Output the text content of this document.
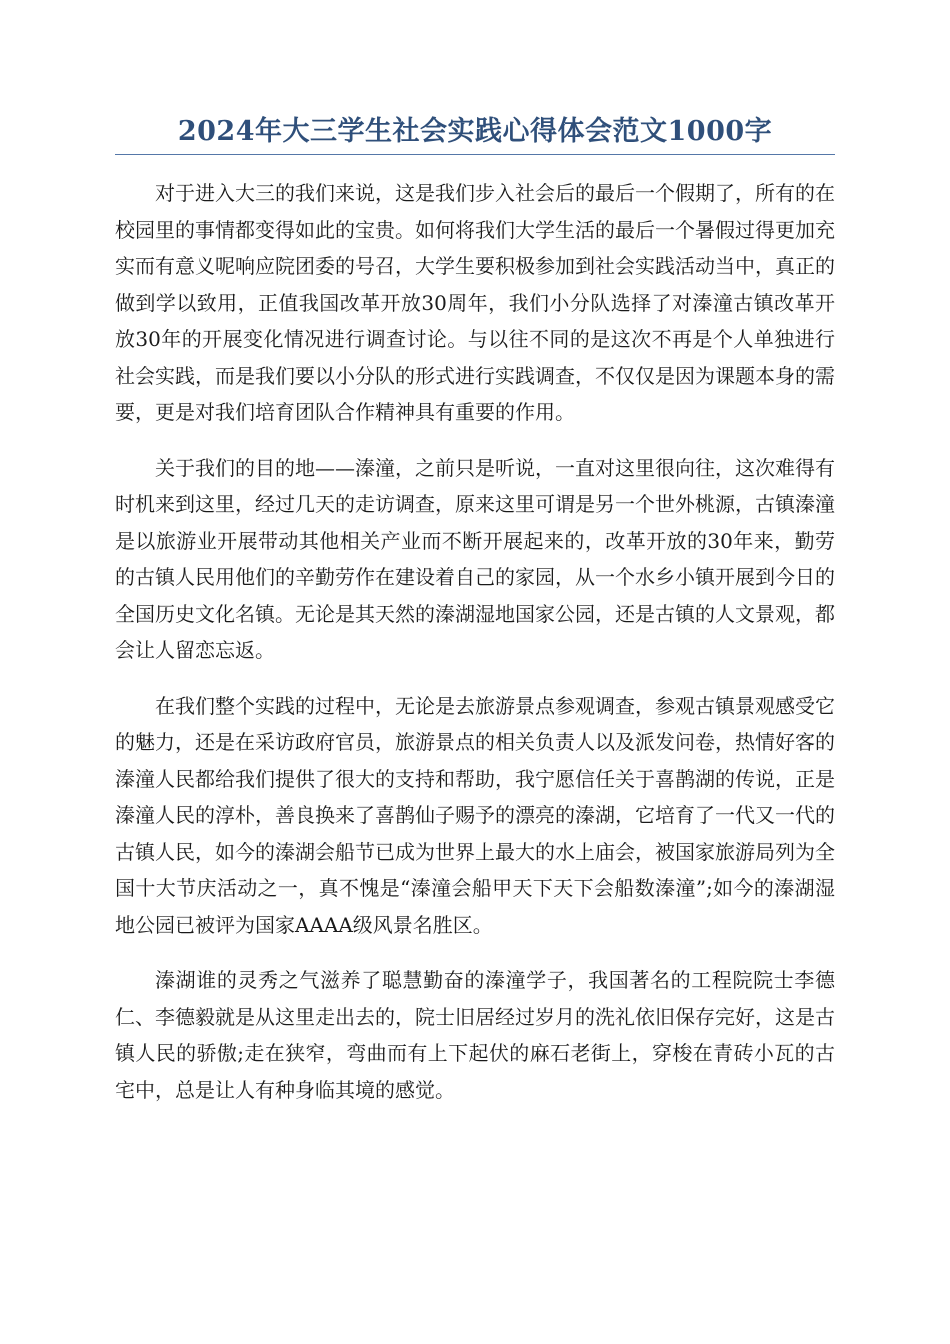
2024年大三学生社会实践心得体会范文1000字

对于进入大三的我们来说，这是我们步入社会后的最后一个假期了，所有的在校园里的事情都变得如此的宝贵。如何将我们大学生活的最后一个暑假过得更加充实而有意义呢响应院团委的号召，大学生要积极参加到社会实践活动当中，真正的做到学以致用，正值我国改革开放30周年，我们小分队选择了对溱潼古镇改革开放30年的开展变化情况进行调查讨论。与以往不同的是这次不再是个人单独进行社会实践，而是我们要以小分队的形式进行实践调查，不仅仅是因为课题本身的需要，更是对我们培育团队合作精神具有重要的作用。

关于我们的目的地——溱潼，之前只是听说，一直对这里很向往，这次难得有时机来到这里，经过几天的走访调查，原来这里可谓是另一个世外桃源，古镇溱潼是以旅游业开展带动其他相关产业而不断开展起来的，改革开放的30年来，勤劳的古镇人民用他们的辛勤劳作在建设着自己的家园，从一个水乡小镇开展到今日的全国历史文化名镇。无论是其天然的溱湖湿地国家公园，还是古镇的人文景观，都会让人留恋忘返。

在我们整个实践的过程中，无论是去旅游景点参观调查，参观古镇景观感受它的魅力，还是在采访政府官员，旅游景点的相关负责人以及派发问卷，热情好客的溱潼人民都给我们提供了很大的支持和帮助，我宁愿信任关于喜鹊湖的传说，正是溱潼人民的淳朴，善良换来了喜鹊仙子赐予的漂亮的溱湖，它培育了一代又一代的古镇人民，如今的溱湖会船节已成为世界上最大的水上庙会，被国家旅游局列为全国十大节庆活动之一，真不愧是“溱潼会船甲天下天下会船数溱潼”;如今的溱湖湿地公园已被评为国家AAAA级风景名胜区。

溱湖谁的灵秀之气滋养了聪慧勤奋的溱潼学子，我国著名的工程院院士李德仁、李德毅就是从这里走出去的，院士旧居经过岁月的洗礼依旧保存完好，这是古镇人民的骄傲;走在狭窄，弯曲而有上下起伏的麻石老街上，穿梭在青砖小瓦的古宅中，总是让人有种身临其境的感觉。
